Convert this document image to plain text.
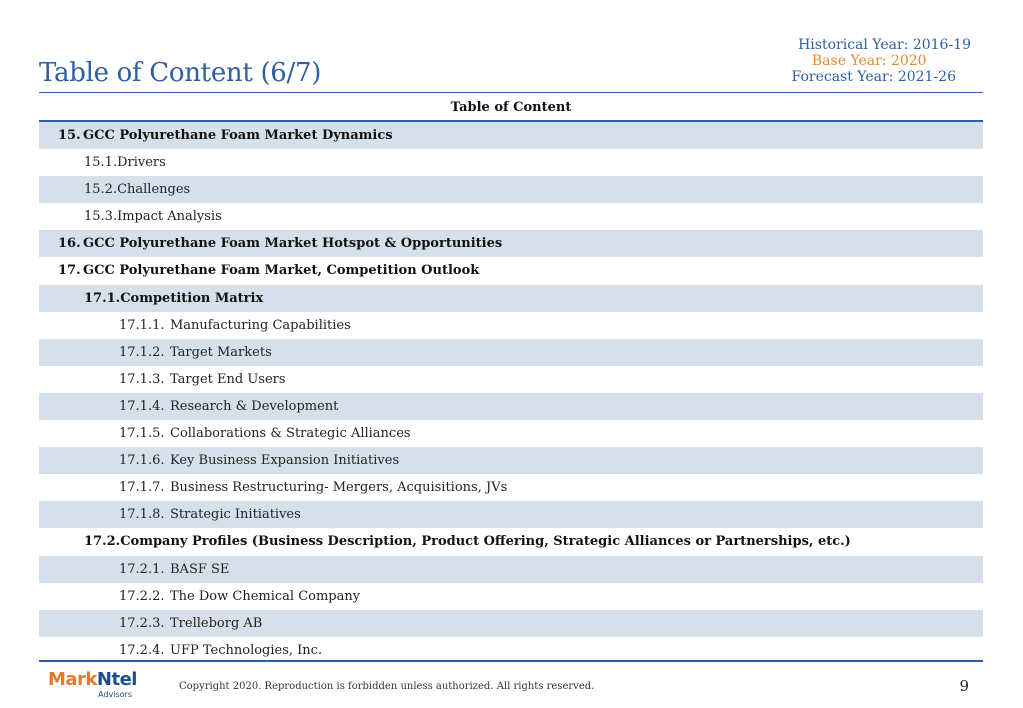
Table of Content (6/7)
Historical Year: 2016-19
Base Year: 2020
Forecast Year: 2021-26
Table of Content
15. GCC Polyurethane Foam Market Dynamics
15.1.Drivers
15.2.Challenges
15.3.Impact Analysis
16. GCC Polyurethane Foam Market Hotspot & Opportunities
17. GCC Polyurethane Foam Market, Competition Outlook
17.1.Competition Matrix
17.1.1. Manufacturing Capabilities
17.1.2. Target Markets
17.1.3. Target End Users
17.1.4. Research & Development
17.1.5. Collaborations & Strategic Alliances
17.1.6. Key Business Expansion Initiatives
17.1.7. Business Restructuring- Mergers, Acquisitions, JVs
17.1.8. Strategic Initiatives
17.2.Company Profiles (Business Description, Product Offering, Strategic Alliances or Partnerships, etc.)
17.2.1. BASF SE
17.2.2. The Dow Chemical Company
17.2.3. Trelleborg AB
17.2.4. UFP Technologies, Inc.
MarkNtel
Advisors
Copyright 2020. Reproduction is forbidden unless authorized. All rights reserved.	9
